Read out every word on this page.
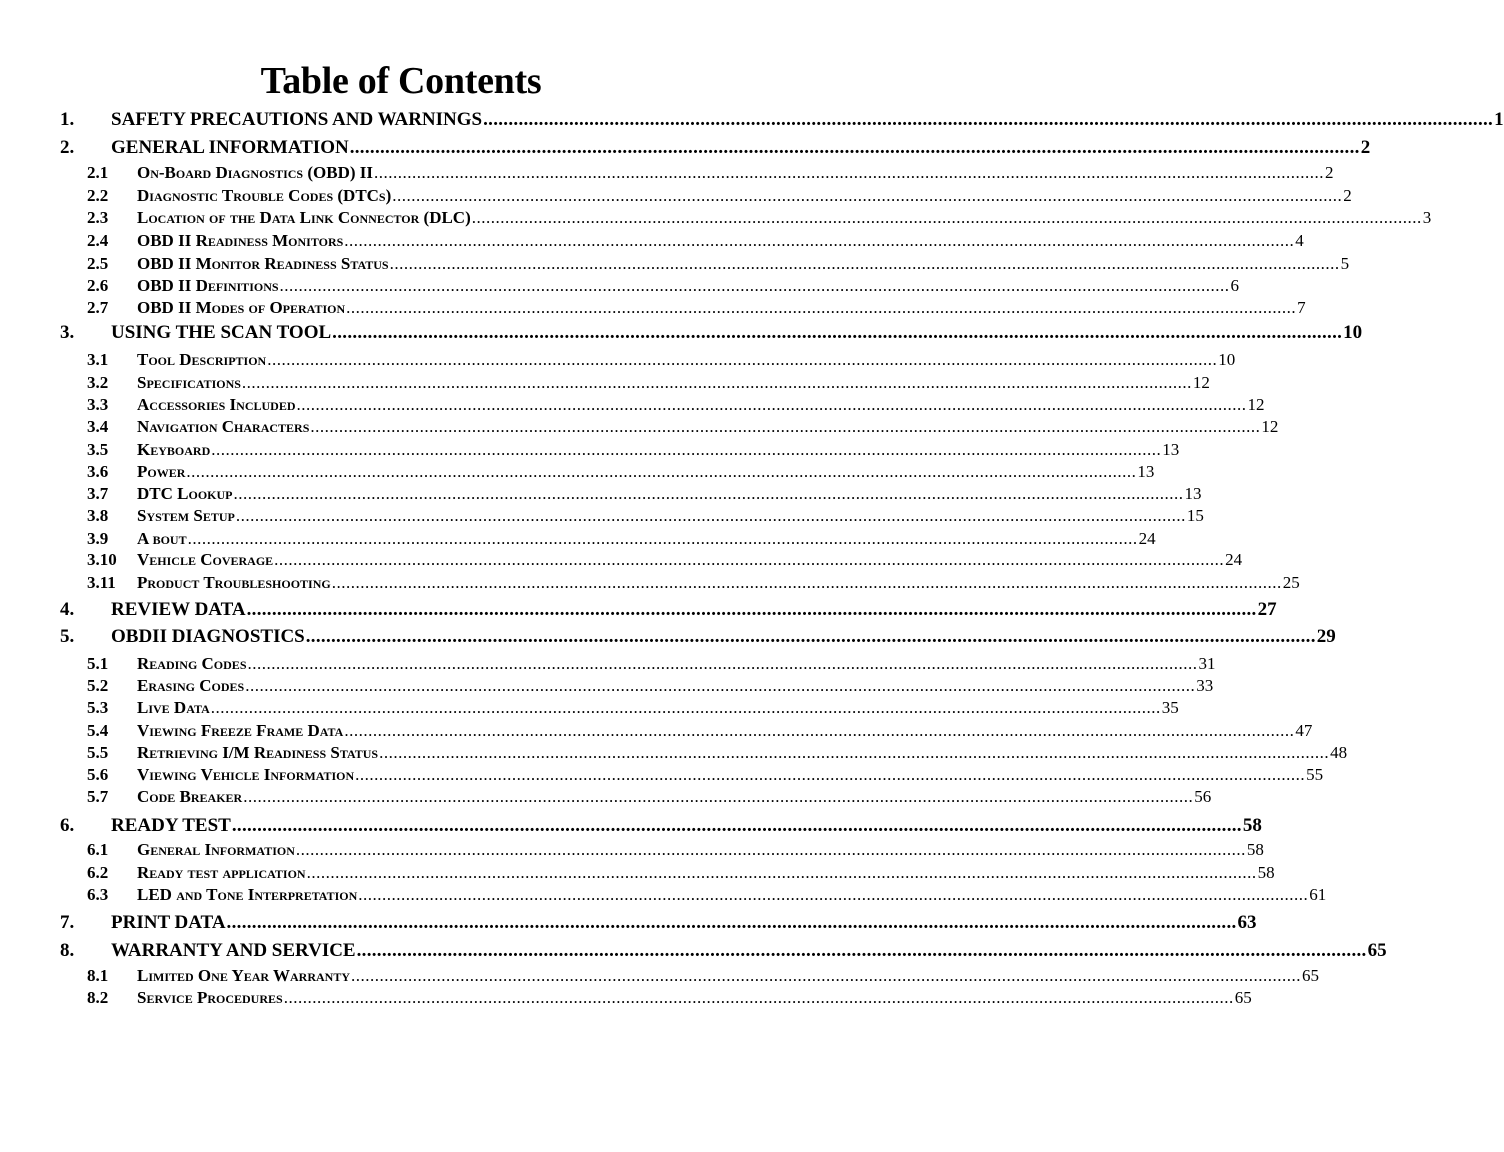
Table of Contents
1. SAFETY PRECAUTIONS AND WARNINGS ........................................................................................................................................................................................................ 1
2. GENERAL INFORMATION ........................................................................................................................................................................................................ 2
2.1 On-Board Diagnostics (OBD) II ........................................................................................................................................................................................................ 2
2.2 Diagnostic Trouble Codes (DTCs) ........................................................................................................................................................................................................ 2
2.3 Location of the Data Link Connector (DLC) ........................................................................................................................................................................................................ 3
2.4 OBD II Readiness Monitors ........................................................................................................................................................................................................ 4
2.5 OBD II Monitor Readiness Status ........................................................................................................................................................................................................ 5
2.6 OBD II Definitions ........................................................................................................................................................................................................ 6
2.7 OBD II Modes of Operation ........................................................................................................................................................................................................ 7
3. USING THE SCAN TOOL ........................................................................................................................................................................................................ 10
3.1 Tool Description ........................................................................................................................................................................................................ 10
3.2 Specifications ........................................................................................................................................................................................................ 12
3.3 Accessories Included ........................................................................................................................................................................................................ 12
3.4 Navigation Characters ........................................................................................................................................................................................................ 12
3.5 Keyboard ........................................................................................................................................................................................................ 13
3.6 Power ........................................................................................................................................................................................................ 13
3.7 DTC Lookup ........................................................................................................................................................................................................ 13
3.8 System Setup ........................................................................................................................................................................................................ 15
3.9 A bout ........................................................................................................................................................................................................ 24
3.10 Vehicle Coverage ........................................................................................................................................................................................................ 24
3.11 Product Troubleshooting ........................................................................................................................................................................................................ 25
4. REVIEW DATA ........................................................................................................................................................................................................ 27
5. OBDII DIAGNOSTICS ........................................................................................................................................................................................................ 29
5.1 Reading Codes ........................................................................................................................................................................................................ 31
5.2 Erasing Codes ........................................................................................................................................................................................................ 33
5.3 Live Data ........................................................................................................................................................................................................ 35
5.4 Viewing Freeze Frame Data ........................................................................................................................................................................................................ 47
5.5 Retrieving I/M Readiness Status ........................................................................................................................................................................................................ 48
5.6 Viewing Vehicle Information ........................................................................................................................................................................................................ 55
5.7 Code Breaker ........................................................................................................................................................................................................ 56
6. READY TEST ........................................................................................................................................................................................................ 58
6.1 General Information ........................................................................................................................................................................................................ 58
6.2 Ready test application ........................................................................................................................................................................................................ 58
6.3 LED and Tone Interpretation ........................................................................................................................................................................................................ 61
7. PRINT DATA ........................................................................................................................................................................................................ 63
8. WARRANTY AND SERVICE ........................................................................................................................................................................................................ 65
8.1 Limited One Year Warranty ........................................................................................................................................................................................................ 65
8.2 Service Procedures ........................................................................................................................................................................................................ 65
